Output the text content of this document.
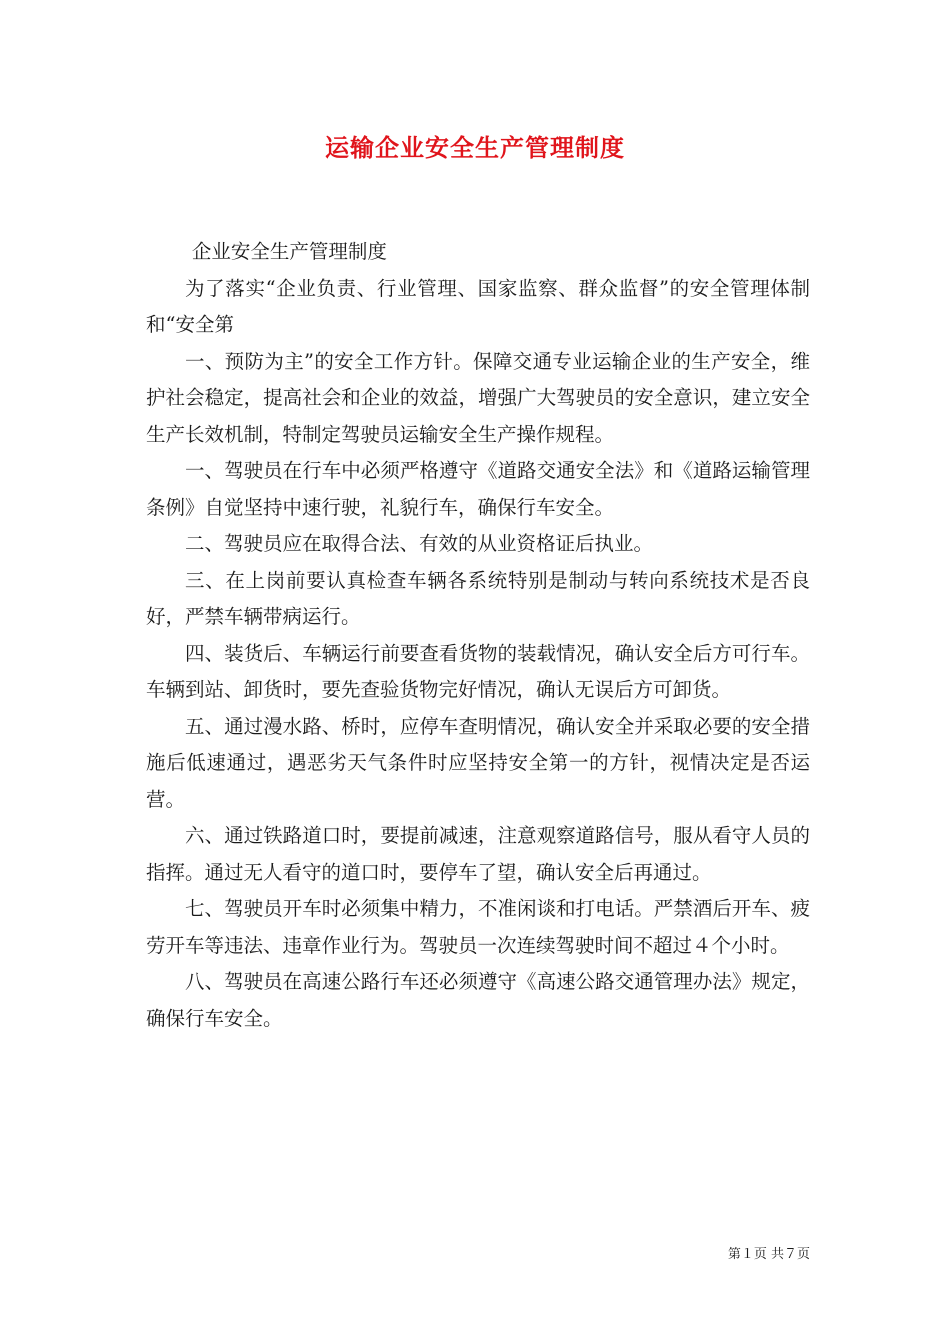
运输企业安全生产管理制度

企业安全生产管理制度

为了落实“企业负责、行业管理、国家监察、群众监督”的安全管理体制和“安全第

一、预防为主”的安全工作方针。保障交通专业运输企业的生产安全，维护社会稳定，提高社会和企业的效益，增强广大驾驶员的安全意识，建立安全生产长效机制，特制定驾驶员运输安全生产操作规程。

一、驾驶员在行车中必须严格遵守《道路交通安全法》和《道路运输管理条例》自觉坚持中速行驶，礼貌行车，确保行车安全。

二、驾驶员应在取得合法、有效的从业资格证后执业。

三、在上岗前要认真检查车辆各系统特别是制动与转向系统技术是否良好，严禁车辆带病运行。

四、装货后、车辆运行前要查看货物的装载情况，确认安全后方可行车。车辆到站、卸货时，要先查验货物完好情况，确认无误后方可卸货。

五、通过漫水路、桥时，应停车查明情况，确认安全并采取必要的安全措施后低速通过，遇恶劣天气条件时应坚持安全第一的方针，视情决定是否运营。

六、通过铁路道口时，要提前减速，注意观察道路信号，服从看守人员的指挥。通过无人看守的道口时，要停车了望，确认安全后再通过。

七、驾驶员开车时必须集中精力，不准闲谈和打电话。严禁酒后开车、疲劳开车等违法、违章作业行为。驾驶员一次连续驾驶时间不超过４个小时。

八、驾驶员在高速公路行车还必须遵守《高速公路交通管理办法》规定，确保行车安全。

第１页 共７页
